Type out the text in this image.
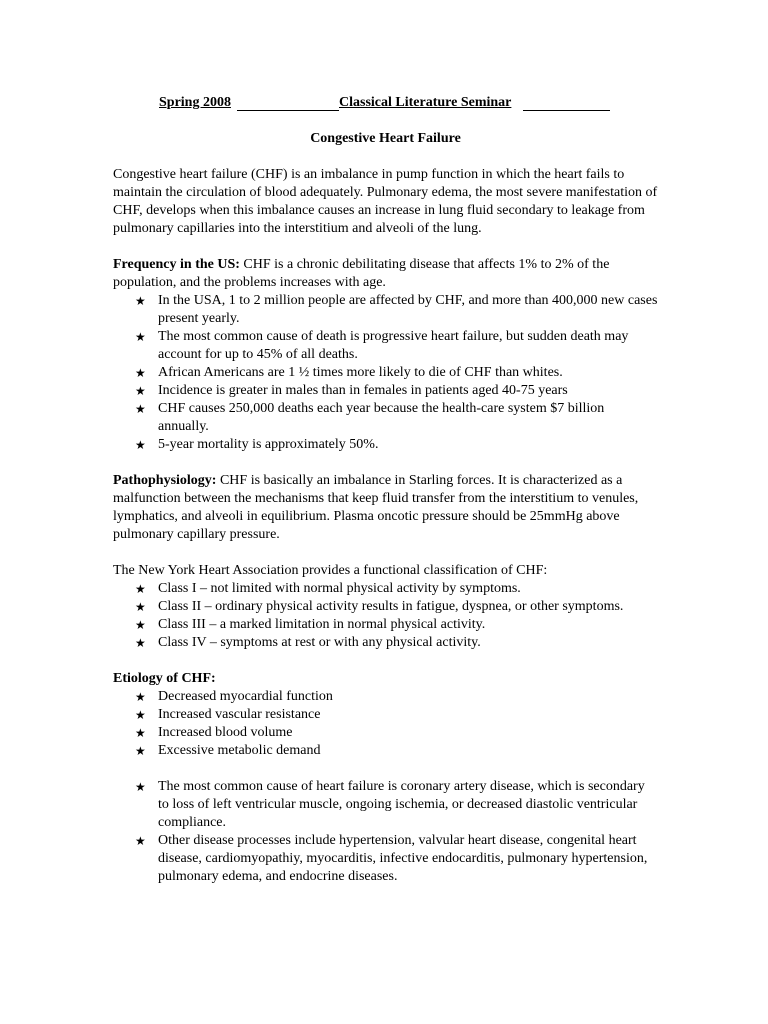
Spring 2008

	Classical Literature Seminar

Congestive Heart Failure

Congestive heart failure (CHF) is an imbalance in pump function in which the heart fails to maintain the circulation of blood adequately. Pulmonary edema, the most severe manifestation of CHF, develops when this imbalance causes an increase in lung fluid secondary to leakage from pulmonary capillaries into the interstitium and alveoli of the lung.

Frequency in the US: CHF is a chronic debilitating disease that affects 1% to 2% of the population, and the problems increases with age.

★ In the USA, 1 to 2 million people are affected by CHF, and more than 400,000 new cases present yearly.
★ The most common cause of death is progressive heart failure, but sudden death may account for up to 45% of all deaths.
★ African Americans are 1 ½ times more likely to die of CHF than whites.
★ Incidence is greater in males than in females in patients aged 40-75 years
★ CHF causes 250,000 deaths each year because the health-care system $7 billion annually.
★ 5-year mortality is approximately 50%.

Pathophysiology: CHF is basically an imbalance in Starling forces. It is characterized as a malfunction between the mechanisms that keep fluid transfer from the interstitium to venules, lymphatics, and alveoli in equilibrium. Plasma oncotic pressure should be 25mmHg above pulmonary capillary pressure.

The New York Heart Association provides a functional classification of CHF:

★ Class I – not limited with normal physical activity by symptoms.
★ Class II – ordinary physical activity results in fatigue, dyspnea, or other symptoms.
★ Class III – a marked limitation in normal physical activity.
★ Class IV – symptoms at rest or with any physical activity.

Etiology of CHF:

★ Decreased myocardial function
★ Increased vascular resistance
★ Increased blood volume
★ Excessive metabolic demand
★ The most common cause of heart failure is coronary artery disease, which is secondary to loss of left ventricular muscle, ongoing ischemia, or decreased diastolic ventricular compliance.
★ Other disease processes include hypertension, valvular heart disease, congenital heart disease, cardiomyopathiy, myocarditis, infective endocarditis, pulmonary hypertension, pulmonary edema, and endocrine diseases.
